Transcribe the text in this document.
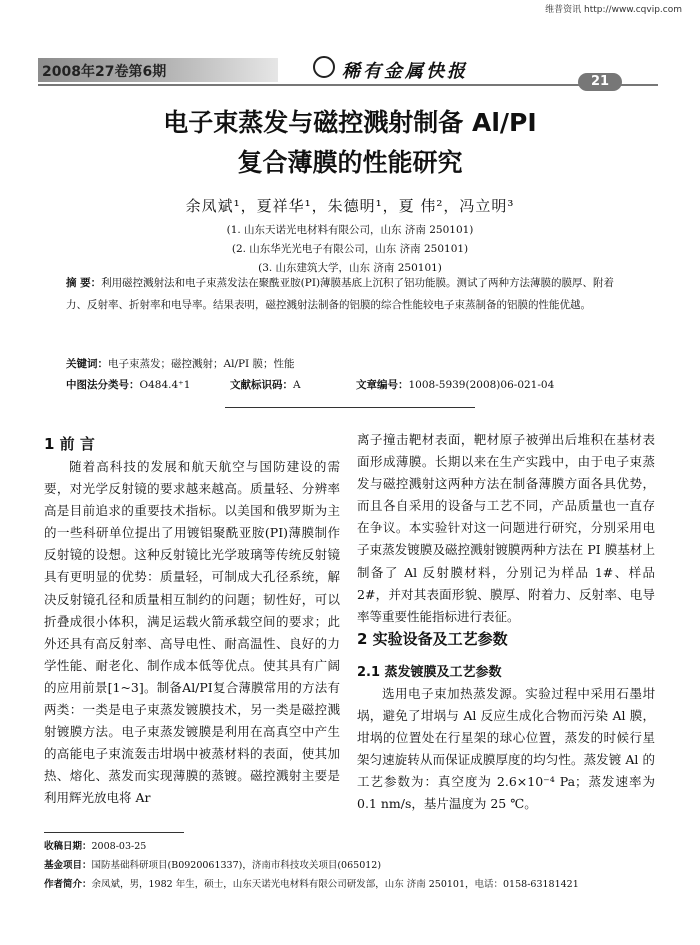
维普资讯 http://www.cqvip.com
2008年27卷第6期	稀有金属快报	21
电子束蒸发与磁控溅射制备 Al/PI
复合薄膜的性能研究
余凤斌¹，夏祥华¹，朱德明¹，夏 伟²，冯立明³
(1. 山东天诺光电材料有限公司，山东 济南 250101)
(2. 山东华光光电子有限公司，山东 济南 250101)
(3. 山东建筑大学，山东 济南 250101)
摘 要：利用磁控溅射法和电子束蒸发法在聚酰亚胺(PI)薄膜基底上沉积了铝功能膜。测试了两种方法薄膜的膜厚、附着力、反射率、折射率和电导率。结果表明，磁控溅射法制备的铝膜的综合性能较电子束蒸制备的铝膜的性能优越。
关键词：电子束蒸发；磁控溅射；Al/PI 膜；性能
中图法分类号：O484.4⁺1	文献标识码：A	文章编号：1008-5939(2008)06-021-04
1 前 言
随着高科技的发展和航天航空与国防建设的需要，对光学反射镜的要求越来越高。质量轻、分辨率高是目前追求的重要技术指标。以美国和俄罗斯为主的一些科研单位提出了用镀铝聚酰亚胺(PI)薄膜制作反射镜的设想。这种反射镜比光学玻璃等传统反射镜具有更明显的优势：质量轻，可制成大孔径系统，解决反射镜孔径和质量相互制约的问题；韧性好，可以折叠成很小体积，满足运载火箭承载空间的要求；此外还具有高反射率、高导电性、耐高温性、良好的力学性能、耐老化、制作成本低等优点。使其具有广阔的应用前景[1~3]。制备Al/PI复合薄膜常用的方法有两类：一类是电子束蒸发镀膜技术，另一类是磁控溅射镀膜方法。电子束蒸发镀膜是利用在高真空中产生的高能电子束流轰击坩埚中被蒸材料的表面，使其加热、熔化、蒸发而实现薄膜的蒸镀。磁控溅射主要是利用辉光放电将 Ar
离子撞击靶材表面，靶材原子被弹出后堆积在基材表面形成薄膜。长期以来在生产实践中，由于电子束蒸发与磁控溅射这两种方法在制备薄膜方面各具优势，而且各自采用的设备与工艺不同，产品质量也一直存在争议。本实验针对这一问题进行研究，分别采用电子束蒸发镀膜及磁控溅射镀膜两种方法在 PI 膜基材上制备了 Al 反射膜材料，分别记为样品 1#、样品 2#，并对其表面形貌、膜厚、附着力、反射率、电导率等重要性能指标进行表征。
2 实验设备及工艺参数
2.1 蒸发镀膜及工艺参数
选用电子束加热蒸发源。实验过程中采用石墨坩埚，避免了坩埚与 Al 反应生成化合物而污染 Al 膜，坩埚的位置处在行星架的球心位置，蒸发的时候行星架匀速旋转从而保证成膜厚度的均匀性。蒸发镀 Al 的工艺参数为：真空度为 2.6×10⁻⁴ Pa；蒸发速率为 0.1 nm/s，基片温度为 25 ℃。
收稿日期：2008-03-25
基金项目：国防基础科研项目(B0920061337)，济南市科技攻关项目(065012)
作者简介：余凤斌，男，1982 年生，硕士，山东天诺光电材料有限公司研发部，山东 济南 250101，电话：0158-63181421
